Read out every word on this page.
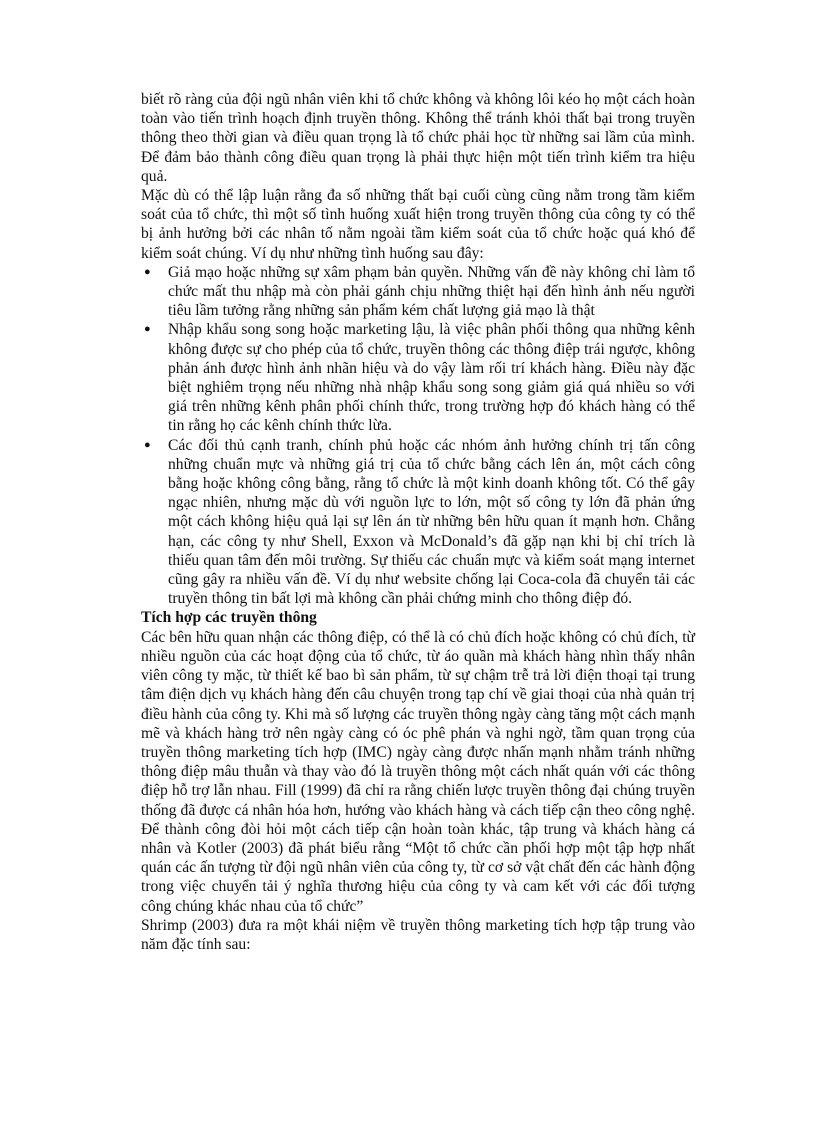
biết rõ ràng của đội ngũ nhân viên khi tổ chức không và không lôi kéo họ một cách hoàn toàn vào tiến trình hoạch định truyền thông. Không thể tránh khỏi thất bại trong truyền thông theo thời gian và điều quan trọng là tổ chức phải học từ những sai lầm của mình. Để đảm bảo thành công điều quan trọng là phải thực hiện một tiến trình kiểm tra hiệu quả.

Mặc dù có thể lập luận rằng đa số những thất bại cuối cùng cũng nằm trong tầm kiểm soát của tổ chức, thì một số tình huống xuất hiện trong truyền thông của công ty có thể bị ảnh hưởng bởi các nhân tố nằm ngoài tầm kiểm soát của tổ chức hoặc quá khó để kiểm soát chúng. Ví dụ như những tình huống sau đây:

● Giả mạo hoặc những sự xâm phạm bản quyền. Những vấn đề này không chỉ làm tổ chức mất thu nhập mà còn phải gánh chịu những thiệt hại đến hình ảnh nếu người tiêu lầm tưởng rằng những sản phẩm kém chất lượng giả mạo là thật
● Nhập khẩu song song hoặc marketing lậu, là việc phân phối thông qua những kênh không được sự cho phép của tổ chức, truyền thông các thông điệp trái ngược, không phản ánh được hình ảnh nhãn hiệu và do vậy làm rối trí khách hàng. Điều này đặc biệt nghiêm trọng nếu những nhà nhập khẩu song song giảm giá quá nhiều so với giá trên những kênh phân phối chính thức, trong trường hợp đó khách hàng có thể tin rằng họ các kênh chính thức lừa.
● Các đối thủ cạnh tranh, chính phủ hoặc các nhóm ảnh hưởng chính trị tấn công những chuẩn mực và những giá trị của tổ chức bằng cách lên án, một cách công bằng hoặc không công bằng, rằng tổ chức là một kinh doanh không tốt. Có thể gây ngạc nhiên, nhưng mặc dù với nguồn lực to lớn, một số công ty lớn đã phản ứng một cách không hiệu quả lại sự lên án từ những bên hữu quan ít mạnh hơn. Chẳng hạn, các công ty như Shell, Exxon và McDonald’s đã gặp nạn khi bị chỉ trích là thiếu quan tâm đến môi trường. Sự thiếu các chuẩn mực và kiểm soát mạng internet cũng gây ra nhiều vấn đề. Ví dụ như website chống lại Coca-cola đã chuyển tải các truyền thông tin bất lợi mà không cần phải chứng minh cho thông điệp đó.

Tích hợp các truyền thông

Các bên hữu quan nhận các thông điệp, có thể là có chủ đích hoặc không có chủ đích, từ nhiều nguồn của các hoạt động của tổ chức, từ áo quần mà khách hàng nhìn thấy nhân viên công ty mặc, từ thiết kế bao bì sản phẩm, từ sự chậm trễ trả lời điện thoại tại trung tâm điện dịch vụ khách hàng đến câu chuyện trong tạp chí về giai thoại của nhà quản trị điều hành của công ty. Khi mà số lượng các truyền thông ngày càng tăng một cách mạnh mẽ và khách hàng trở nên ngày càng có óc phê phán và nghi ngờ, tầm quan trọng của truyền thông marketing tích hợp (IMC) ngày càng được nhấn mạnh nhằm tránh những thông điệp mâu thuẫn và thay vào đó là truyền thông một cách nhất quán với các thông điệp hỗ trợ lẫn nhau. Fill (1999) đã chỉ ra rằng chiến lược truyền thông đại chúng truyền thống đã được cá nhân hóa hơn, hướng vào khách hàng và cách tiếp cận theo công nghệ. Để thành công đòi hỏi một cách tiếp cận hoàn toàn khác, tập trung và khách hàng cá nhân và Kotler (2003) đã phát biểu rằng “Một tổ chức cần phối hợp một tập hợp nhất quán các ấn tượng từ đội ngũ nhân viên của công ty, từ cơ sở vật chất đến các hành động trong việc chuyển tải ý nghĩa thương hiệu của công ty và cam kết với các đối tượng công chúng khác nhau của tổ chức”

Shrimp (2003) đưa ra một khái niệm về truyền thông marketing tích hợp tập trung vào năm đặc tính sau:
